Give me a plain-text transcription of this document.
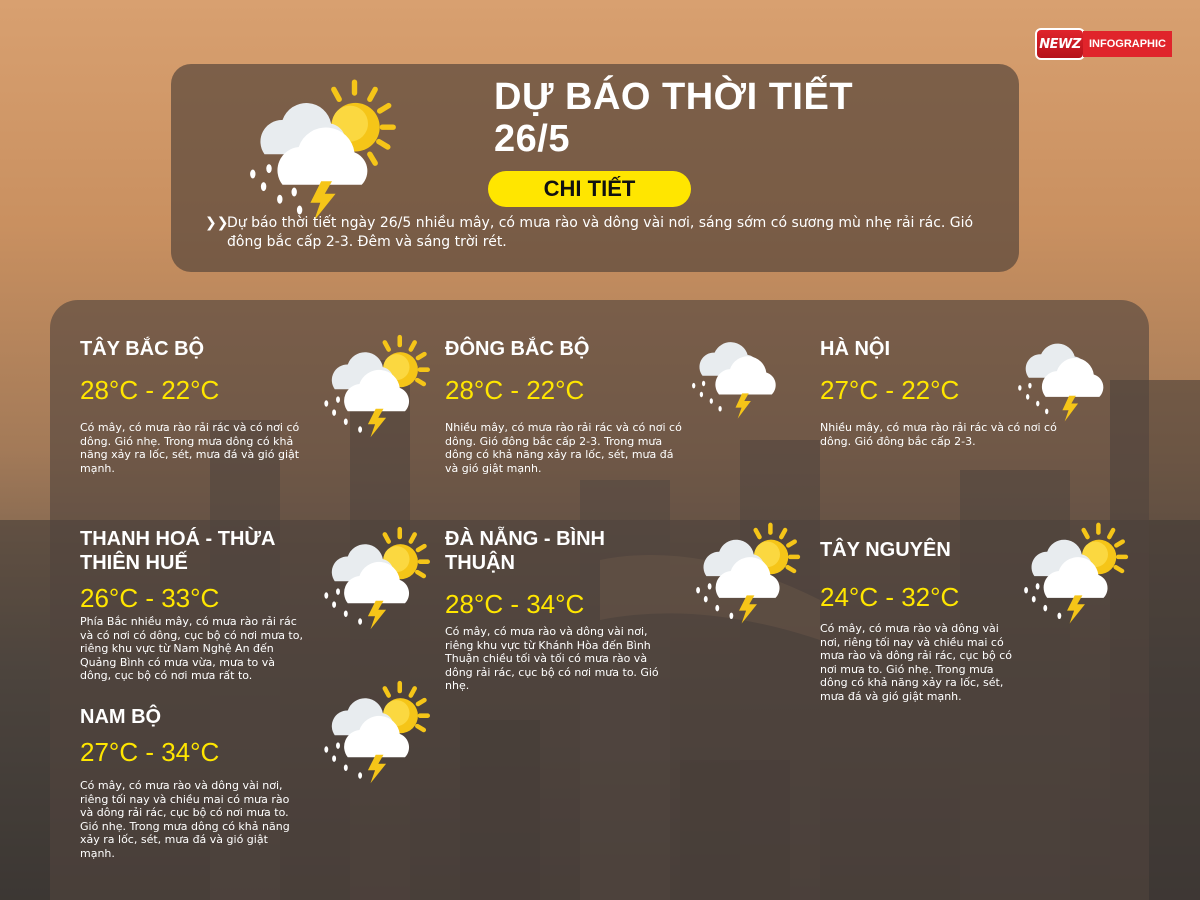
NEWZ INFOGRAPHIC
DỰ BÁO THỜI TIẾT
26/5
CHI TIẾT
❯❯
Dự báo thời tiết ngày 26/5 nhiều mây, có mưa rào và dông vài nơi, sáng sớm có sương mù nhẹ rải rác. Gió đông bắc cấp 2-3. Đêm và sáng trời rét.
TÂY BẮC BỘ
28°C - 22°C
Có mây, có mưa rào rải rác và có nơi có dông. Gió nhẹ. Trong mưa dông có khả năng xảy ra lốc, sét, mưa đá và gió giật mạnh.
ĐÔNG BẮC BỘ
28°C - 22°C
Nhiều mây, có mưa rào rải rác và có nơi có dông. Gió đông bắc cấp 2-3. Trong mưa dông có khả năng xảy ra lốc, sét, mưa đá và gió giật mạnh.
HÀ NỘI
27°C - 22°C
Nhiều mây, có mưa rào rải rác và có nơi có dông. Gió đông bắc cấp 2-3.
THANH HOÁ - THỪA THIÊN HUẾ
26°C - 33°C
Phía Bắc nhiều mây, có mưa rào rải rác và có nơi có dông, cục bộ có nơi mưa to, riêng khu vực từ Nam Nghệ An đến Quảng Bình có mưa vừa, mưa to và dông, cục bộ có nơi mưa rất to.
ĐÀ NẴNG - BÌNH THUẬN
28°C - 34°C
Có mây, có mưa rào và dông vài nơi, riêng khu vực từ Khánh Hòa đến Bình Thuận chiều tối và tối có mưa rào và dông rải rác, cục bộ có nơi mưa to. Gió nhẹ.
TÂY NGUYÊN
24°C - 32°C
Có mây, có mưa rào và dông vài nơi, riêng tối nay và chiều mai có mưa rào và dông rải rác, cục bộ có nơi mưa to. Gió nhẹ. Trong mưa dông có khả năng xảy ra lốc, sét, mưa đá và gió giật mạnh.
NAM BỘ
27°C - 34°C
Có mây, có mưa rào và dông vài nơi, riêng tối nay và chiều mai có mưa rào và dông rải rác, cục bộ có nơi mưa to. Gió nhẹ. Trong mưa dông có khả năng xảy ra lốc, sét, mưa đá và gió giật mạnh.
